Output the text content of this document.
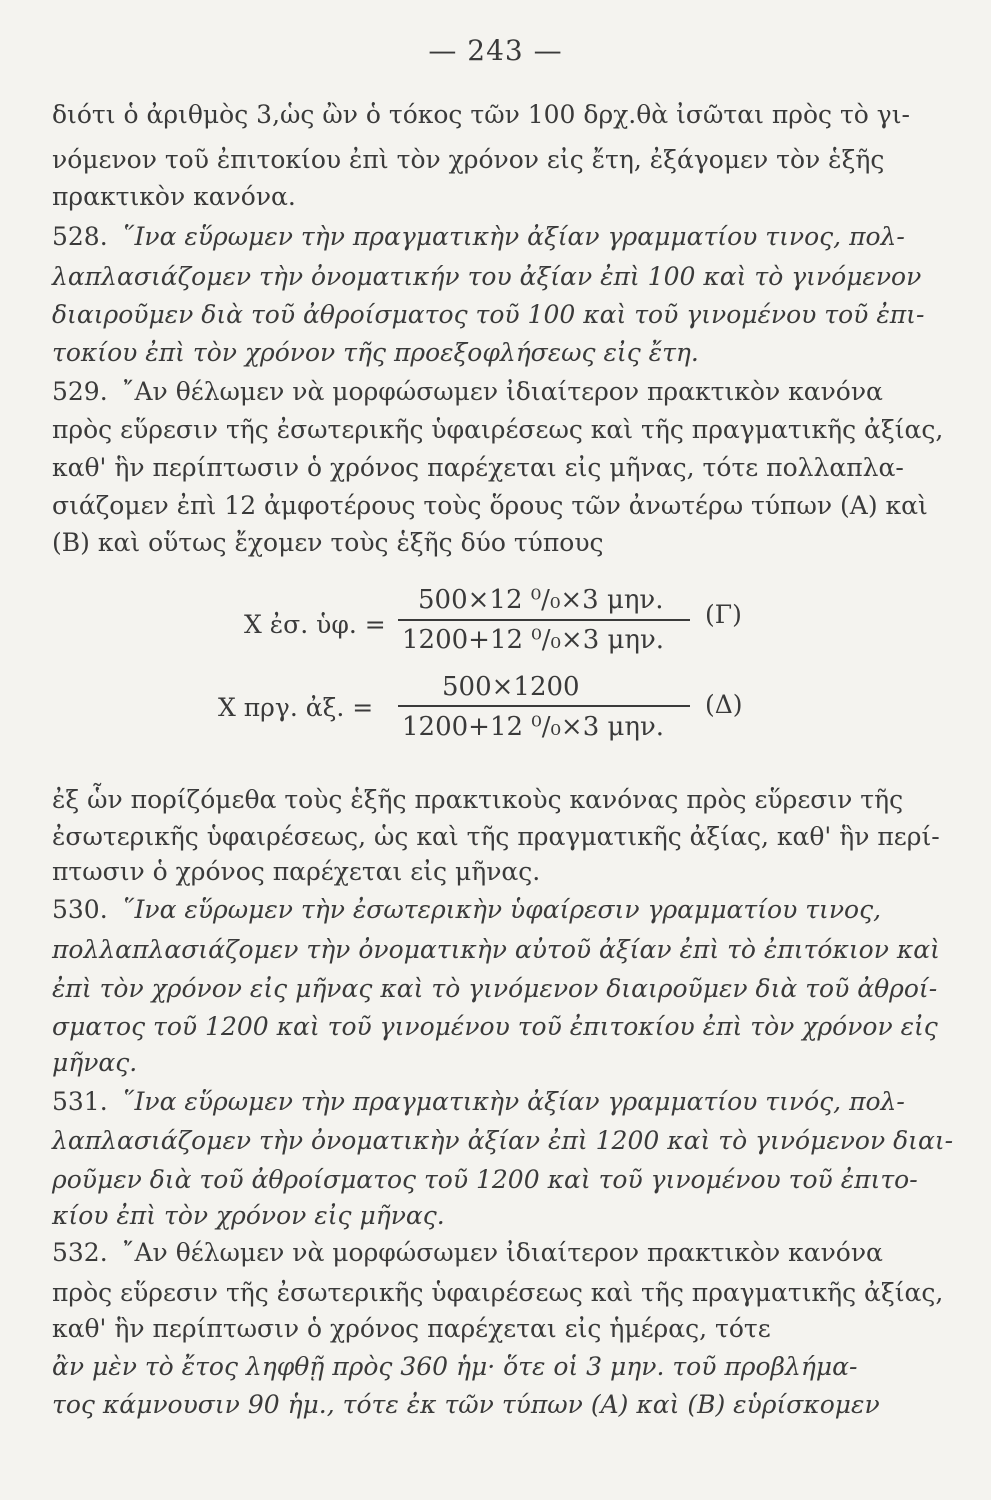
— 243 —
διότι ὁ ἀριθμὸς 3,ὡς ὢν ὁ τόκος τῶν 100 δρχ.θὰ ἰσῶται πρὸς τὸ γι-
νόμενον τοῦ ἐπιτοκίου ἐπὶ τὸν χρόνον εἰς ἔτη, ἐξάγομεν τὸν ἑξῆς
πρακτικὸν κανόνα.
528. ῞Ινα εὕρωμεν τὴν πραγματικὴν ἀξίαν γραμματίου τινος, πολ-
λαπλασιάζομεν τὴν ὀνοματικήν του ἀξίαν ἐπὶ 100 καὶ τὸ γινόμενον
διαιροῦμεν διὰ τοῦ ἀθροίσματος τοῦ 100 καὶ τοῦ γινομένου τοῦ ἐπι-
τοκίου ἐπὶ τὸν χρόνον τῆς προεξοφλήσεως εἰς ἔτη.
529. ῎Αν θέλωμεν νὰ μορφώσωμεν ἰδιαίτερον πρακτικὸν κανόνα
πρὸς εὕρεσιν τῆς ἐσωτερικῆς ὑφαιρέσεως καὶ τῆς πραγματικῆς ἀξίας,
καθ' ἣν περίπτωσιν ὁ χρόνος παρέχεται εἰς μῆνας, τότε πολλαπλα-
σιάζομεν ἐπὶ 12 ἀμφοτέρους τοὺς ὅρους τῶν ἀνωτέρω τύπων (Α) καὶ
(Β) καὶ οὕτως ἔχομεν τοὺς ἑξῆς δύο τύπους
Χ ἐσ. ὑφ. =
500×12 ⁰/₀×3 μην.
1200+12 ⁰/₀×3 μην.
(Γ)
Χ πργ. ἀξ. =
500×1200
1200+12 ⁰/₀×3 μην.
(Δ)
ἐξ ὧν πορίζόμεθα τοὺς ἑξῆς πρακτικοὺς κανόνας πρὸς εὕρεσιν τῆς
ἐσωτερικῆς ὑφαιρέσεως, ὡς καὶ τῆς πραγματικῆς ἀξίας, καθ' ἣν περί-
πτωσιν ὁ χρόνος παρέχεται εἰς μῆνας.
530. ῞Ινα εὕρωμεν τὴν ἐσωτερικὴν ὑφαίρεσιν γραμματίου τινος,
πολλαπλασιάζομεν τὴν ὀνοματικὴν αὐτοῦ ἀξίαν ἐπὶ τὸ ἐπιτόκιον καὶ
ἐπὶ τὸν χρόνον εἰς μῆνας καὶ τὸ γινόμενον διαιροῦμεν διὰ τοῦ ἀθροί-
σματος τοῦ 1200 καὶ τοῦ γινομένου τοῦ ἐπιτοκίου ἐπὶ τὸν χρόνον εἰς
μῆνας.
531. ῞Ινα εὕρωμεν τὴν πραγματικὴν ἀξίαν γραμματίου τινός, πολ-
λαπλασιάζομεν τὴν ὀνοματικὴν ἀξίαν ἐπὶ 1200 καὶ τὸ γινόμενον διαι-
ροῦμεν διὰ τοῦ ἀθροίσματος τοῦ 1200 καὶ τοῦ γινομένου τοῦ ἐπιτο-
κίου ἐπὶ τὸν χρόνον εἰς μῆνας.
532. ῎Αν θέλωμεν νὰ μορφώσωμεν ἰδιαίτερον πρακτικὸν κανόνα
πρὸς εὕρεσιν τῆς ἐσωτερικῆς ὑφαιρέσεως καὶ τῆς πραγματικῆς ἀξίας,
καθ' ἣν περίπτωσιν ὁ χρόνος παρέχεται εἰς ἡμέρας, τότε
ἂν μὲν τὸ ἔτος ληφθῇ πρὸς 360 ἡμ· ὅτε οἱ 3 μην. τοῦ προβλήμα-
τος κάμνουσιν 90 ἡμ., τότε ἐκ τῶν τύπων (Α) καὶ (Β) εὑρίσκομεν
